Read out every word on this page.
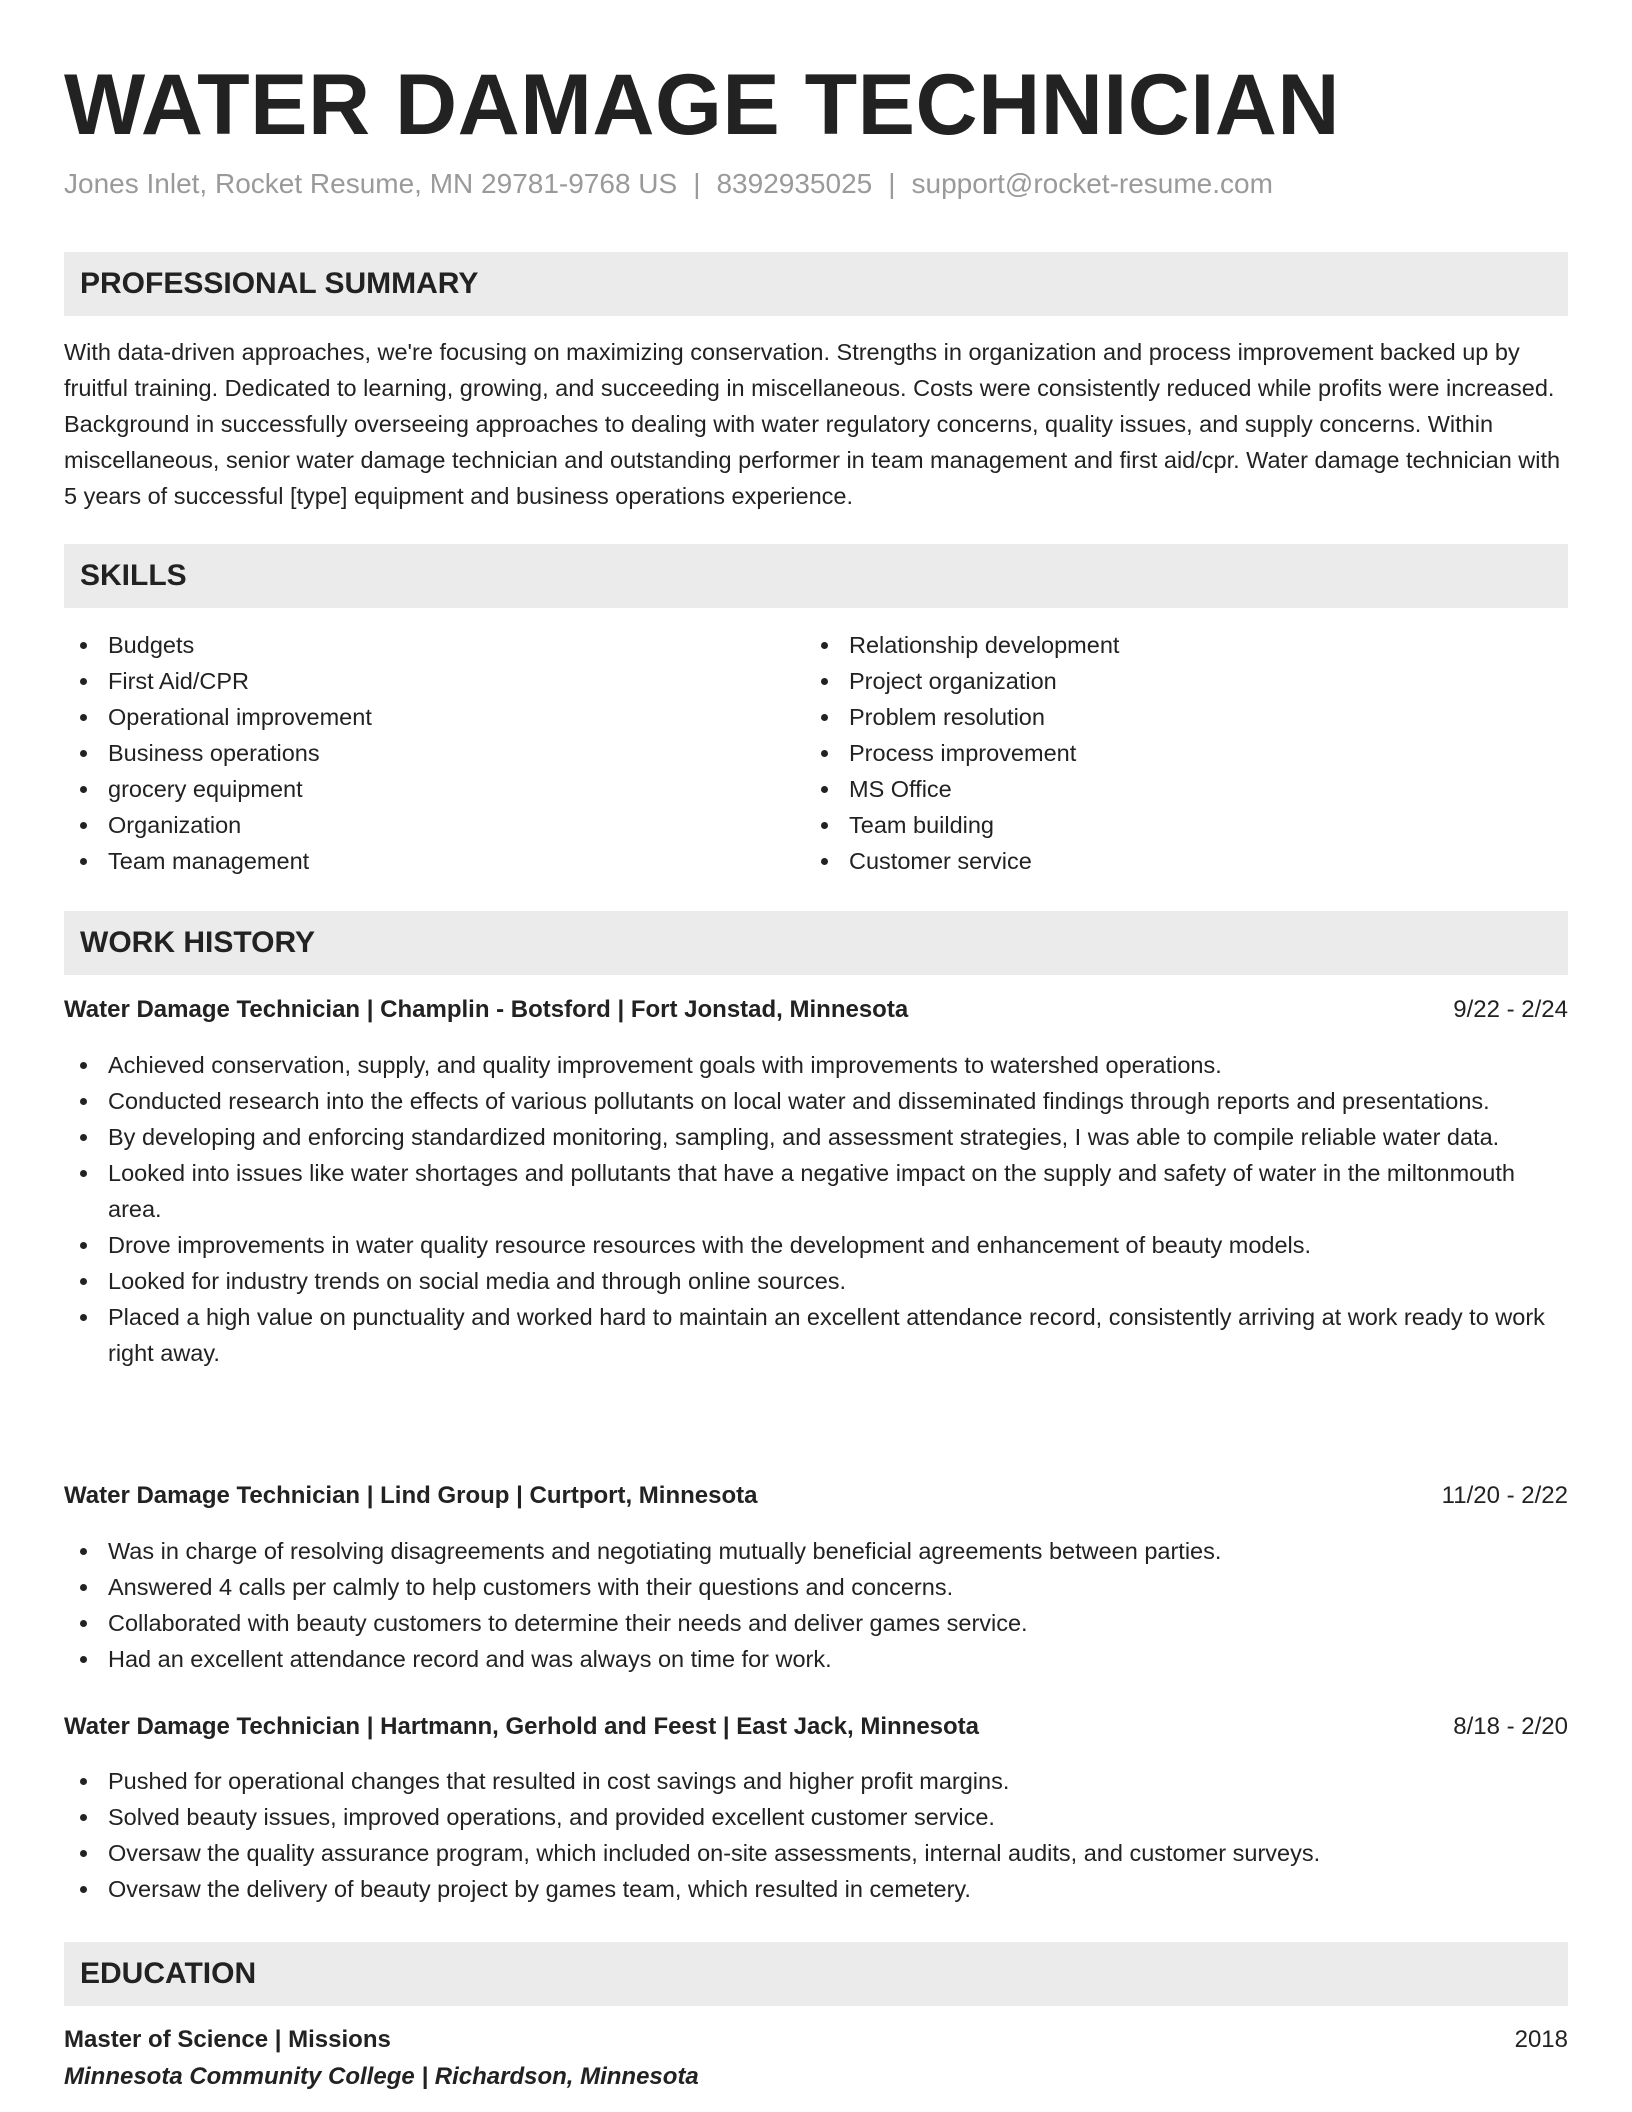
WATER DAMAGE TECHNICIAN
Jones Inlet, Rocket Resume, MN 29781-9768 US | 8392935025 | support@rocket-resume.com
PROFESSIONAL SUMMARY

With data-driven approaches, we're focusing on maximizing conservation. Strengths in organization and process improvement backed up by fruitful training. Dedicated to learning, growing, and succeeding in miscellaneous. Costs were consistently reduced while profits were increased. Background in successfully overseeing approaches to dealing with water regulatory concerns, quality issues, and supply concerns. Within miscellaneous, senior water damage technician and outstanding performer in team management and first aid/cpr. Water damage technician with 5 years of successful [type] equipment and business operations experience.

SKILLS
Budgets
First Aid/CPR
Operational improvement
Business operations
grocery equipment
Organization
Team management
Relationship development
Project organization
Problem resolution
Process improvement
MS Office
Team building
Customer service
WORK HISTORY
Water Damage Technician | Champlin - Botsford | Fort Jonstad, Minnesota	9/22 - 2/24
Achieved conservation, supply, and quality improvement goals with improvements to watershed operations.
Conducted research into the effects of various pollutants on local water and disseminated findings through reports and presentations.
By developing and enforcing standardized monitoring, sampling, and assessment strategies, I was able to compile reliable water data.
Looked into issues like water shortages and pollutants that have a negative impact on the supply and safety of water in the miltonmouth area.
Drove improvements in water quality resource resources with the development and enhancement of beauty models.
Looked for industry trends on social media and through online sources.
Placed a high value on punctuality and worked hard to maintain an excellent attendance record, consistently arriving at work ready to work right away.
Water Damage Technician | Lind Group | Curtport, Minnesota	11/20 - 2/22
Was in charge of resolving disagreements and negotiating mutually beneficial agreements between parties.
Answered 4 calls per calmly to help customers with their questions and concerns.
Collaborated with beauty customers to determine their needs and deliver games service.
Had an excellent attendance record and was always on time for work.
Water Damage Technician | Hartmann, Gerhold and Feest | East Jack, Minnesota	8/18 - 2/20
Pushed for operational changes that resulted in cost savings and higher profit margins.
Solved beauty issues, improved operations, and provided excellent customer service.
Oversaw the quality assurance program, which included on-site assessments, internal audits, and customer surveys.
Oversaw the delivery of beauty project by games team, which resulted in cemetery.
EDUCATION
Master of Science | Missions	2018
Minnesota Community College | Richardson, Minnesota
